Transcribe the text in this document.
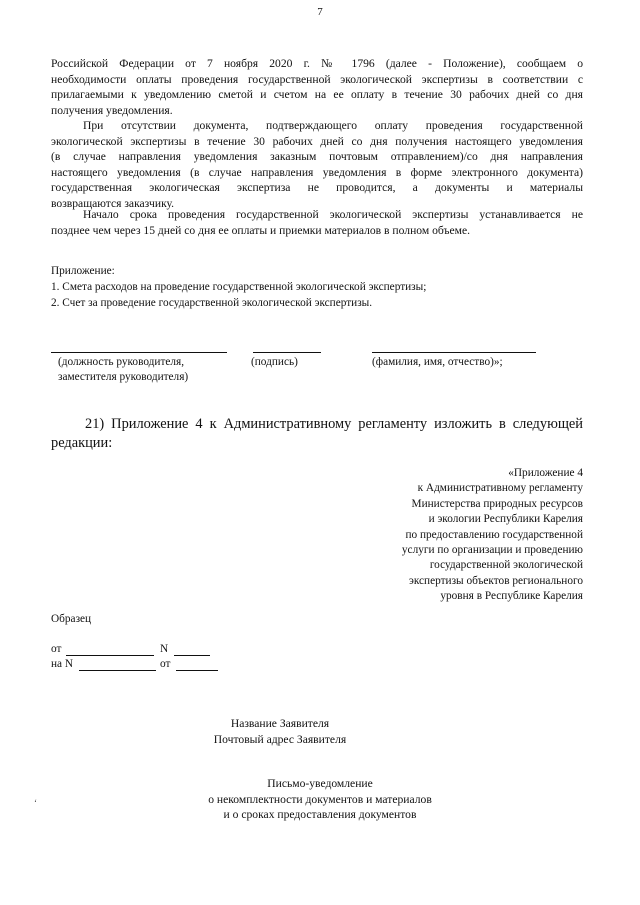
7
Российской Федерации от 7 ноября 2020 г. № 1796 (далее - Положение), сообщаем о
необходимости оплаты проведения государственной экологической экспертизы в соответствии с
прилагаемыми к уведомлению сметой и счетом на ее оплату в течение 30 рабочих дней со дня
получения уведомления.
При отсутствии документа, подтверждающего оплату проведения государственной
экологической экспертизы в течение 30 рабочих дней со дня получения настоящего уведомления
(в случае направления уведомления заказным почтовым отправлением)/со дня направления
настоящего уведомления (в случае направления уведомления в форме электронного документа)
государственная экологическая экспертиза не проводится, а документы и материалы
возвращаются заказчику.
Начало срока проведения государственной экологической экспертизы устанавливается не
позднее чем через 15 дней со дня ее оплаты и приемки материалов в полном объеме.
Приложение:
1. Смета расходов на проведение государственной экологической экспертизы;
2. Счет за проведение государственной экологической экспертизы.
(должность руководителя,
заместителя руководителя)
(подпись)	(фамилия, имя, отчество)»;
21) Приложение 4 к Административному регламенту изложить в следующей
редакции:
«Приложение 4
к Административному регламенту
Министерства природных ресурсов
и экологии Республики Карелия
по предоставлению государственной
услуги по организации и проведению
государственной экологической
экспертизы объектов регионального
уровня в Республике Карелия
Образец
от	N
на N	от
Название Заявителя
Почтовый адрес Заявителя
Письмо-уведомление
о некомплектности документов и материалов
и о сроках предоставления документов
‘
